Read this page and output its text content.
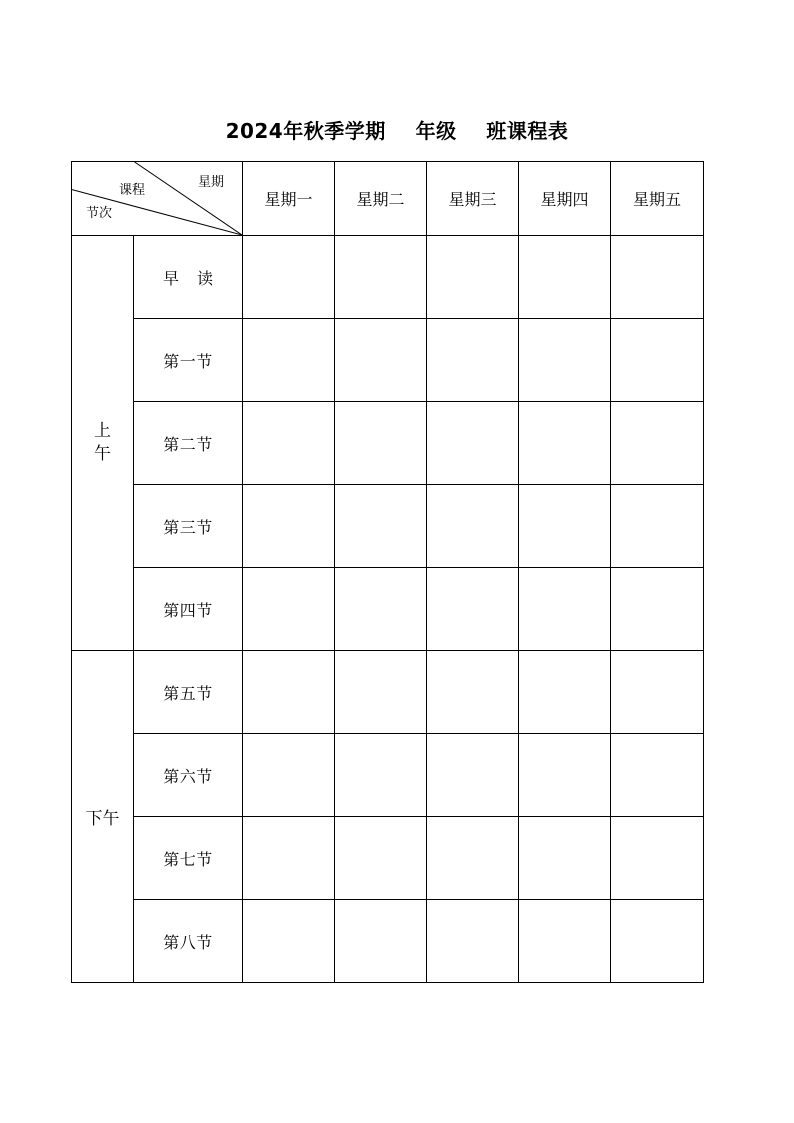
2024年秋季学期    年级    班课程表
星期
课程
节次		星期一	星期二	星期三	星期四	星期五
上午	早读					
	第一节					
	第二节					
	第三节					
	第四节					
下午	第五节					
	第六节					
	第七节					
	第八节					
